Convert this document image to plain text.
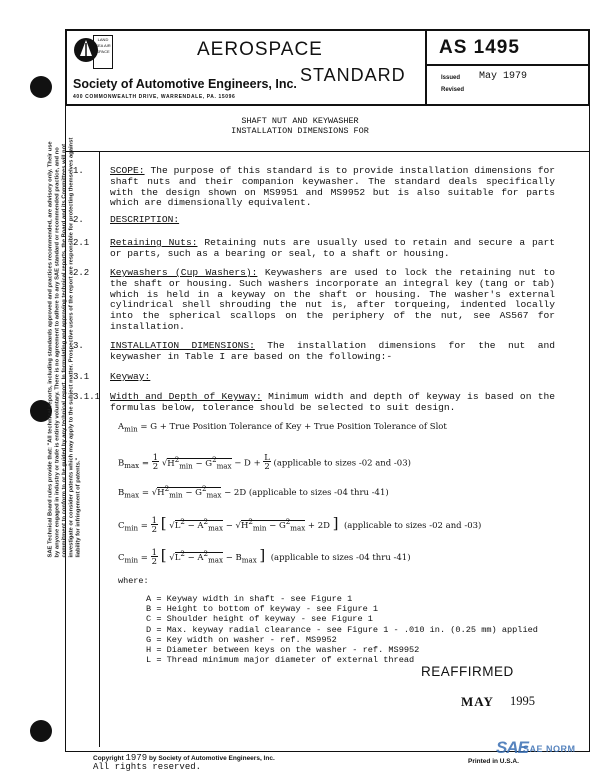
LAND SEA AIR SPACE	AEROSPACE
STANDARD
Society of Automotive Engineers, Inc.
400 COMMONWEALTH DRIVE, WARRENDALE, PA. 15096
AS 1495
Issued May 1979
Revised
SHAFT NUT AND KEYWASHER
INSTALLATION DIMENSIONS FOR
SAE Technical Board rules provide that: "All technical reports, including standards approved and practices recommended, are advisory only. Their use by anyone engaged in industry or trade is entirely voluntary. There is no agreement to adhere to any SAE standard or recommended practice, and no commitment to conform to or be guided by any technical report. In formulating and approving technical reports, the Board and its Committees will not investigate or consider patents which may apply to the subject matter. Prospective users of the report are responsible for protecting themselves against liability for infringement of patents."
1.	SCOPE: The purpose of this standard is to provide installation dimensions for shaft nuts and their companion keywasher. The standard deals specifically with the design shown on MS9951 and MS9952 but is also suitable for parts which are dimensionally equivalent.
2.	DESCRIPTION:
2.1 Retaining Nuts: Retaining nuts are usually used to retain and secure a part or parts, such as a bearing or seal, to a shaft or housing.
2.2 Keywashers (Cup Washers): Keywashers are used to lock the retaining nut to the shaft or housing. Such washers incorporate an integral key (tang or tab) which is held in a keyway on the shaft or housing. The washer's external cylindrical shell shrouding the nut is, after torqueing, indented locally into the spherical scallops on the periphery of the nut, see AS567 for installation.
3.	INSTALLATION DIMENSIONS: The installation dimensions for the nut and keywasher in Table I are based on the following:-
3.1 Keyway:
3.1.1 Width and Depth of Keyway: Minimum width and depth of keyway is based on the formulas below, tolerance should be selected to suit design.
$A_{min} = G$ + True Position Tolerance of Key + True Position Tolerance of Slot
$B_{max} = 1$
2 $√H^2_{min} - G^2_{max} - D + L$
2 (applicable to sizes -02 and -03)
$B_{max} = √H^2_{min} - G^2_{max} - 2D$ (applicable to sizes -04 thru -41)
$C_{min} = 1$
2 [ $√L^2 - A^2_{max} - √H^2_{min} - G^2_{max} + 2D$ ] (applicable to sizes -02 and -03)
$C_{min} = 1$
2 [ $√L^2 - A^2_{max} - B_{max}$ ] (applicable to sizes -04 thru -41)
where:
A = Keyway width in shaft - see Figure 1
B = Height to bottom of keyway - see Figure 1
C = Shoulder height of keyway - see Figure 1
D = Max. keyway radial clearance - see Figure 1 - .010 in. (0.25 mm) applied
G = Key width on washer - ref. MS9952
H = Diameter between keys on the washer - ref. MS9952
L = Thread minimum major diameter of external thread
REAFFIRMED
MAY 1995
Copyright 1979 by Society of Automotive Engineers, Inc.
All rights reserved.
Printed in U.S.A.
SAE
SAE NORM
